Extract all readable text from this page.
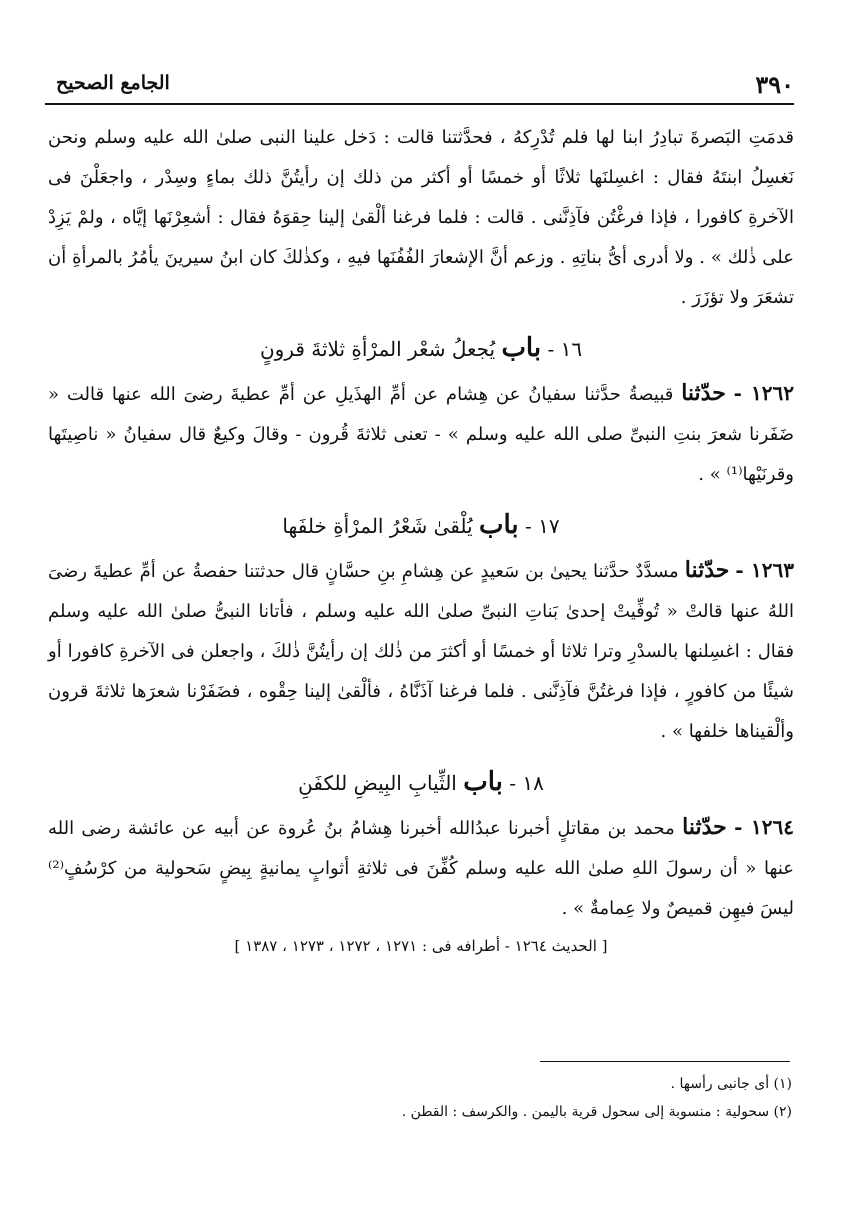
٣٩٠
الجامع الصحيح

قدمَتِ البَصرةَ تبادِرُ ابنا لها فلم تُدْرِكهُ ، فحدَّثتنا قالت : دَخل علينا النبى صلىٰ الله عليه وسلم ونحن نَغسِلُ ابنتَهُ فقال : اغسِلنَها ثلاثًا أو خمسًا أو أكثر من ذلك إن رأيتُنَّ ذلك بماءٍ وسِدْر ، واجعَلْنَ فى الآخرةِ كافورا ، فإذا فرغْتُن فآذِنَّنى . قالت : فلما فرغنا ألْقىٰ إلينا حِقوَهُ فقال : أشعِرْنَها إيَّاه ، ولمْ يَزِدْ على ذٰلك » . ولا أدرى أىُّ بناتِهِ . وزعم أنَّ الإشعارَ الفُفُنَها فيهِ ، وكذٰلكَ كان ابنُ سيرينَ يأمُرُ بالمرأةِ أن تشعَرَ ولا تؤزَرَ .

١٦ - باب يُجعلُ شعْر المرْأةِ ثلاثةَ قرونٍ

١٢٦٢ - حدّثنا قبيصةُ حدَّثنا سفيانُ عن هِشام عن أمِّ الهذَيلِ عن أمِّ عطيةَ رضىَ الله عنها قالت « ضَفَرنا شعرَ بنتِ النبىِّ صلى الله عليه وسلم » - تعنى ثلاثةَ قُرون - وقالَ وكيعٌ قال سفيانُ « ناصِيتَها وقرنَيْها⁽¹⁾ » .

١٧ - باب يُلْقىٰ شَعْرُ المرْأةِ خلفَها

١٢٦٣ - حدّثنا مسدَّدٌ حدَّثنا يحيىٰ بن سَعيدٍ عن هِشامِ بنِ حسَّانٍ قال حدثتنا حفصةُ عن أمِّ عطيةَ رضىَ اللهُ عنها قالتْ « تُوفِّيتْ إحدىٰ بَناتِ النبىِّ صلىٰ الله عليه وسلم ، فأتانا النبىُّ صلىٰ الله عليه وسلم فقال : اغسِلنها بالسدْرِ وترا ثلاثا أو خمسًا أو أكثرَ من ذٰلك إن رأيتُنَّ ذٰلكَ ، واجعلن فى الآخرةِ كافورا أو شيئًا من كافورٍ ، فإذا فرغتُنَّ فآذِنَّنى . فلما فرغنا آذَنَّاهُ ، فألْقىٰ إلينا حِقْوه ، فضَفَرْنا شعرَها ثلاثةَ قرون وألْقيناها خلفها » .

١٨ - باب الثِّيابِ البِيضِ للكفَنِ

١٢٦٤ - حدّثنا محمد بن مقاتلٍ أخبرنا عبدُالله أخبرنا هِشامُ بنُ عُروة عن أبيه عن عائشة رضى الله عنها « أن رسولَ اللهِ صلىٰ الله عليه وسلم كُفِّنَ فى ثلاثةِ أثوابٍ يمانيةٍ بِيضٍ سَحولية من كرْسُفٍ⁽²⁾ ليسَ فيهِن قميصٌ ولا عِمامةٌ » .

[ الحديث ١٢٦٤ - أطرافه فى : ١٢٧١ ، ١٢٧٢ ، ١٢٧٣ ، ١٣٨٧ ]

(١) أى جانبى رأسها .

(٢) سحولية : منسوبة إلى سحول قرية باليمن . والكرسف : القطن .
